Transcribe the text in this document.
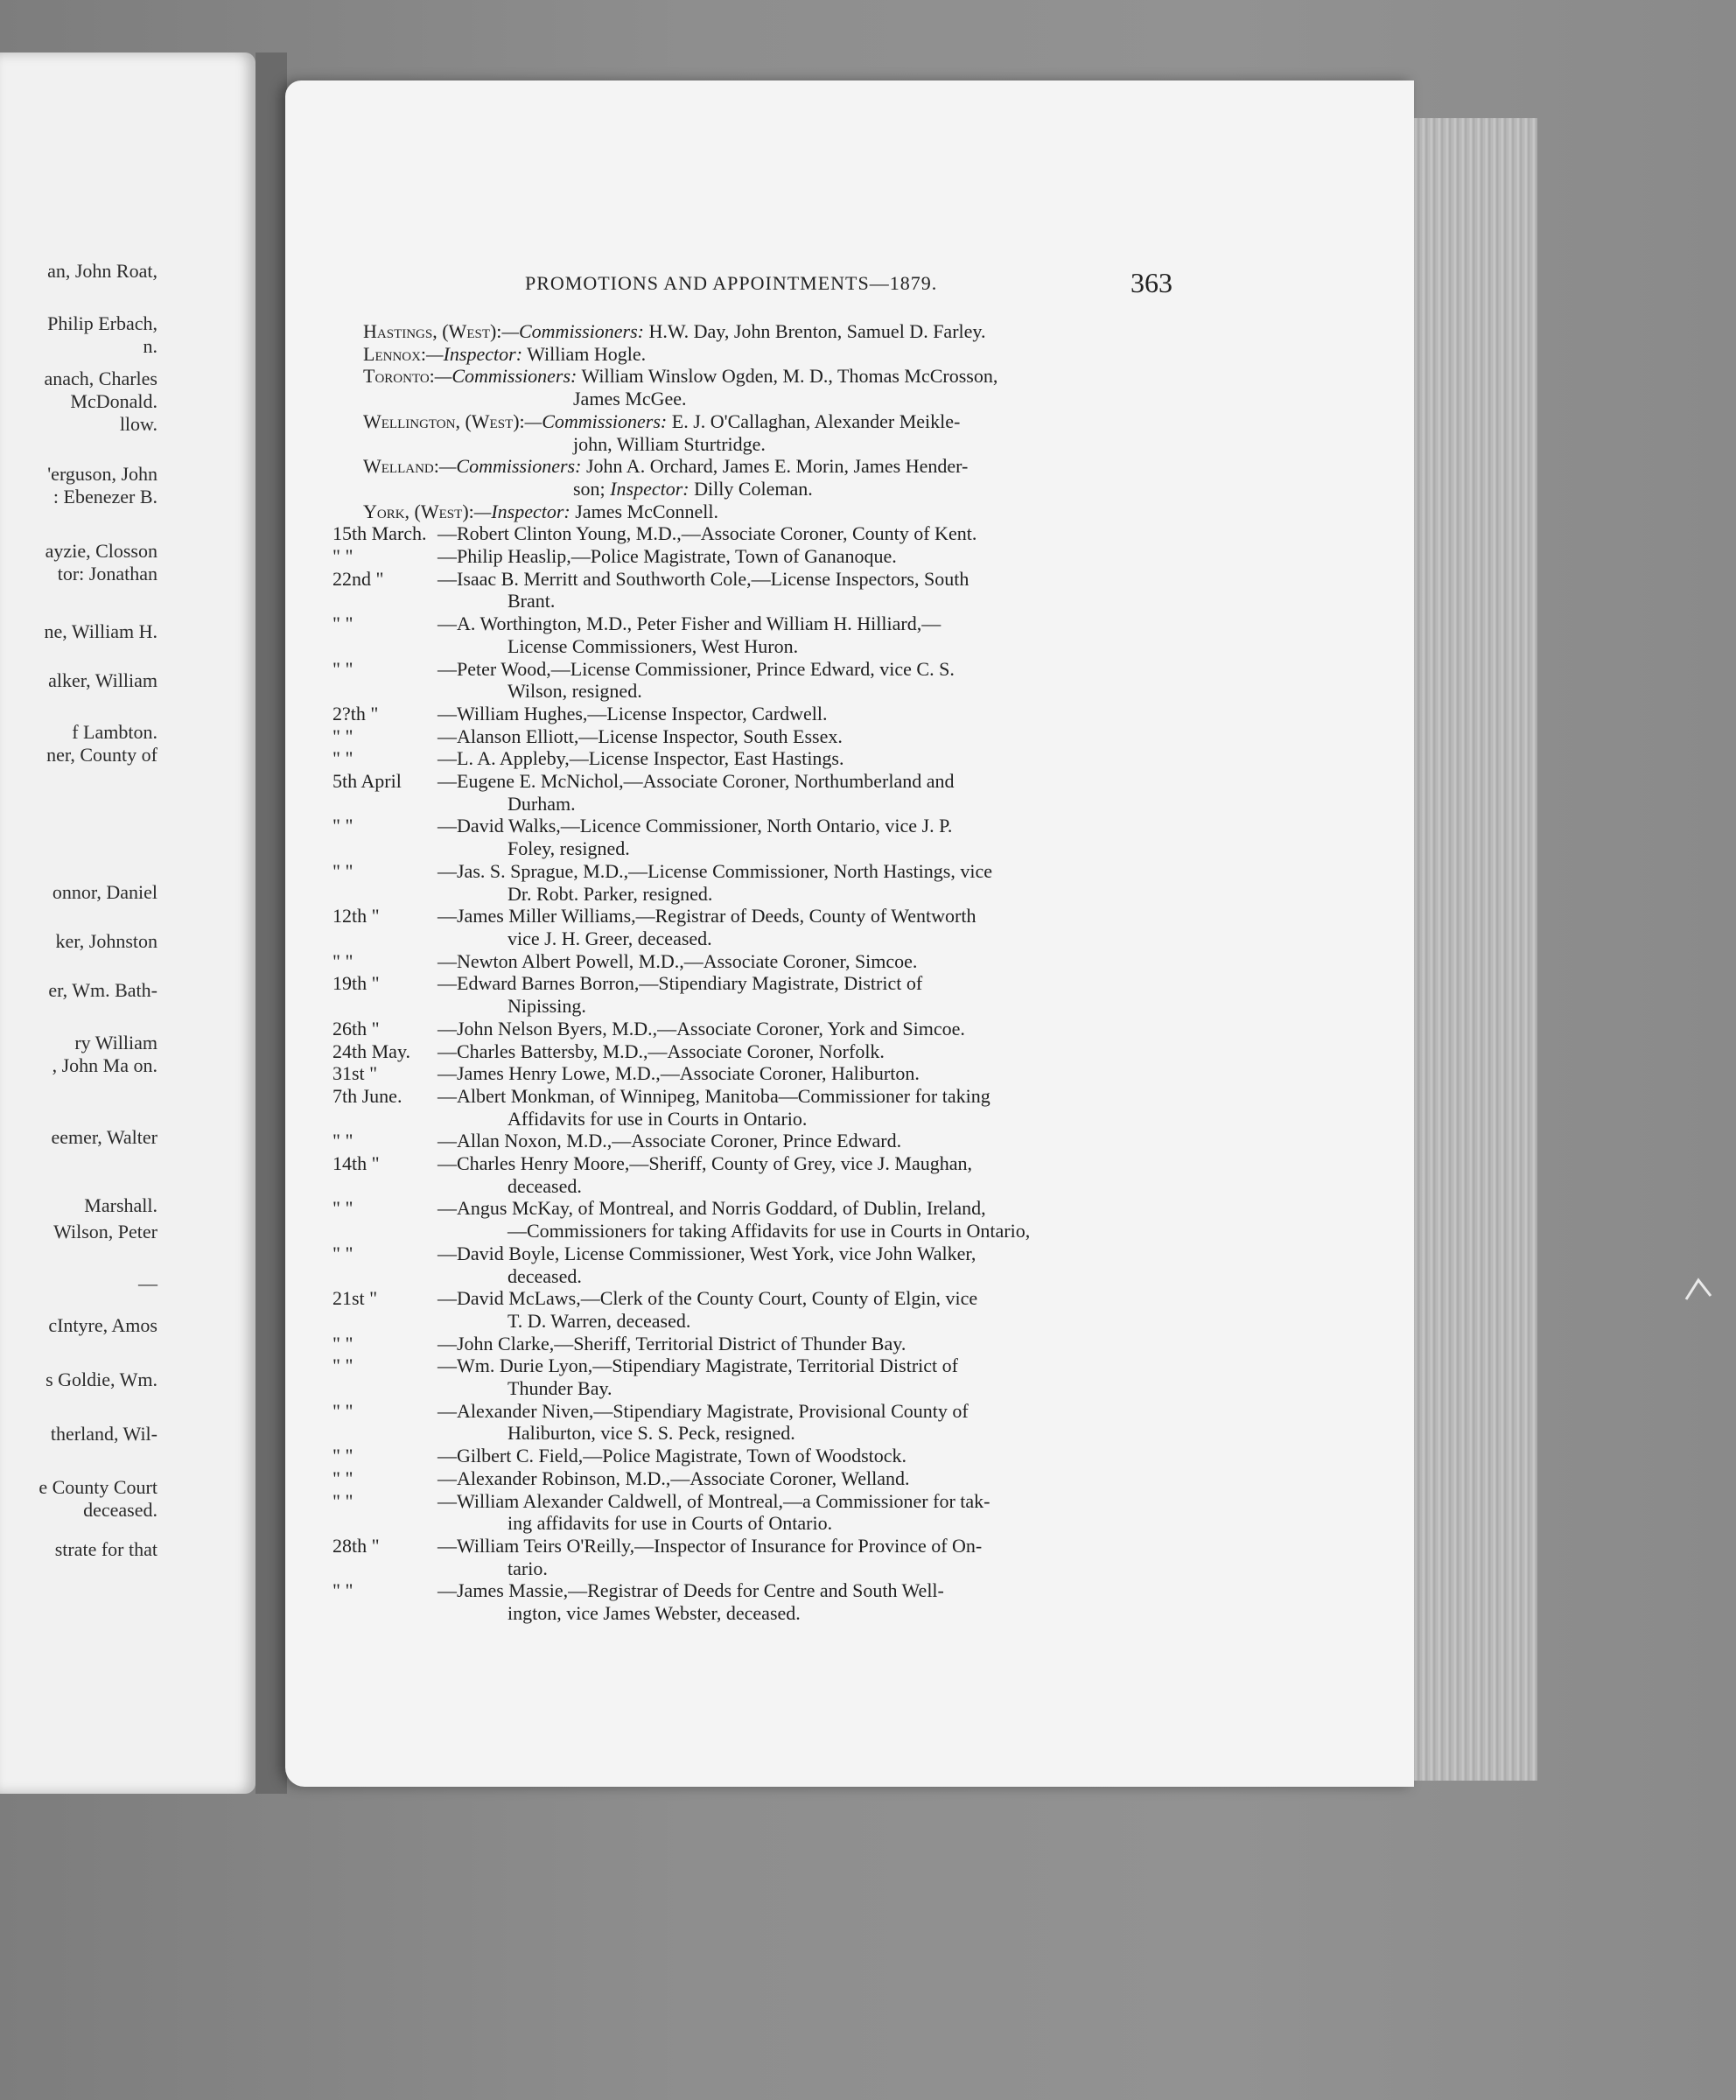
an, John Roat,
Philip Erbach,
n.
anach, Charles
McDonald.
llow.
'erguson, John
: Ebenezer B.
ayzie, Closson
tor: Jonathan
ne, William H.
alker, William
f Lambton.
ner, County of
onnor, Daniel
ker, Johnston
er, Wm. Bath-
ry William
, John Ma on.
eemer, Walter
Marshall.
Wilson, Peter
—
cIntyre, Amos
s Goldie, Wm.
therland, Wil-
e County Court
deceased.
strate for that
PROMOTIONS AND APPOINTMENTS—1879.	363
Hastings, (West):—Commissioners: H.W. Day, John Brenton, Samuel D. Farley.
Lennox:—Inspector: William Hogle.
Toronto:—Commissioners: William Winslow Ogden, M. D., Thomas McCrosson,
James McGee.
Wellington, (West):—Commissioners: E. J. O'Callaghan, Alexander Meikle-
john, William Sturtridge.
Welland:—Commissioners: John A. Orchard, James E. Morin, James Hender-
son; Inspector: Dilly Coleman.
York, (West):—Inspector: James McConnell.
15th March. —Robert Clinton Young, M.D.,—Associate Coroner, County of Kent.
" "	—Philip Heaslip,—Police Magistrate, Town of Gananoque.
22nd "	—Isaac B. Merritt and Southworth Cole,—License Inspectors, South
Brant.
" "	—A. Worthington, M.D., Peter Fisher and William H. Hilliard,—
License Commissioners, West Huron.
" "	—Peter Wood,—License Commissioner, Prince Edward, vice C. S.
Wilson, resigned.
2?th "	—William Hughes,—License Inspector, Cardwell.
" "	—Alanson Elliott,—License Inspector, South Essex.
" "	—L. A. Appleby,—License Inspector, East Hastings.
5th April —Eugene E. McNichol,—Associate Coroner, Northumberland and
Durham.
" "	—David Walks,—Licence Commissioner, North Ontario, vice J. P.
Foley, resigned.
" "	—Jas. S. Sprague, M.D.,—License Commissioner, North Hastings, vice
Dr. Robt. Parker, resigned.
12th "	—James Miller Williams,—Registrar of Deeds, County of Wentworth
vice J. H. Greer, deceased.
" "	—Newton Albert Powell, M.D.,—Associate Coroner, Simcoe.
19th "	—Edward Barnes Borron,—Stipendiary Magistrate, District of
Nipissing.
26th "	—John Nelson Byers, M.D.,—Associate Coroner, York and Simcoe.
24th May. —Charles Battersby, M.D.,—Associate Coroner, Norfolk.
31st "	—James Henry Lowe, M.D.,—Associate Coroner, Haliburton.
7th June. —Albert Monkman, of Winnipeg, Manitoba—Commissioner for taking
Affidavits for use in Courts in Ontario.
" "	—Allan Noxon, M.D.,—Associate Coroner, Prince Edward.
14th "	—Charles Henry Moore,—Sheriff, County of Grey, vice J. Maughan,
deceased.
" "	—Angus McKay, of Montreal, and Norris Goddard, of Dublin, Ireland,
—Commissioners for taking Affidavits for use in Courts in Ontario,
" "	—David Boyle, License Commissioner, West York, vice John Walker,
deceased.
21st "	—David McLaws,—Clerk of the County Court, County of Elgin, vice
T. D. Warren, deceased.
" "	—John Clarke,—Sheriff, Territorial District of Thunder Bay.
" "	—Wm. Durie Lyon,—Stipendiary Magistrate, Territorial District of
Thunder Bay.
" "	—Alexander Niven,—Stipendiary Magistrate, Provisional County of
Haliburton, vice S. S. Peck, resigned.
" "	—Gilbert C. Field,—Police Magistrate, Town of Woodstock.
" "	—Alexander Robinson, M.D.,—Associate Coroner, Welland.
" "	—William Alexander Caldwell, of Montreal,—a Commissioner for tak-
ing affidavits for use in Courts of Ontario.
28th "	—William Teirs O'Reilly,—Inspector of Insurance for Province of On-
tario.
" "	—James Massie,—Registrar of Deeds for Centre and South Well-
ington, vice James Webster, deceased.
